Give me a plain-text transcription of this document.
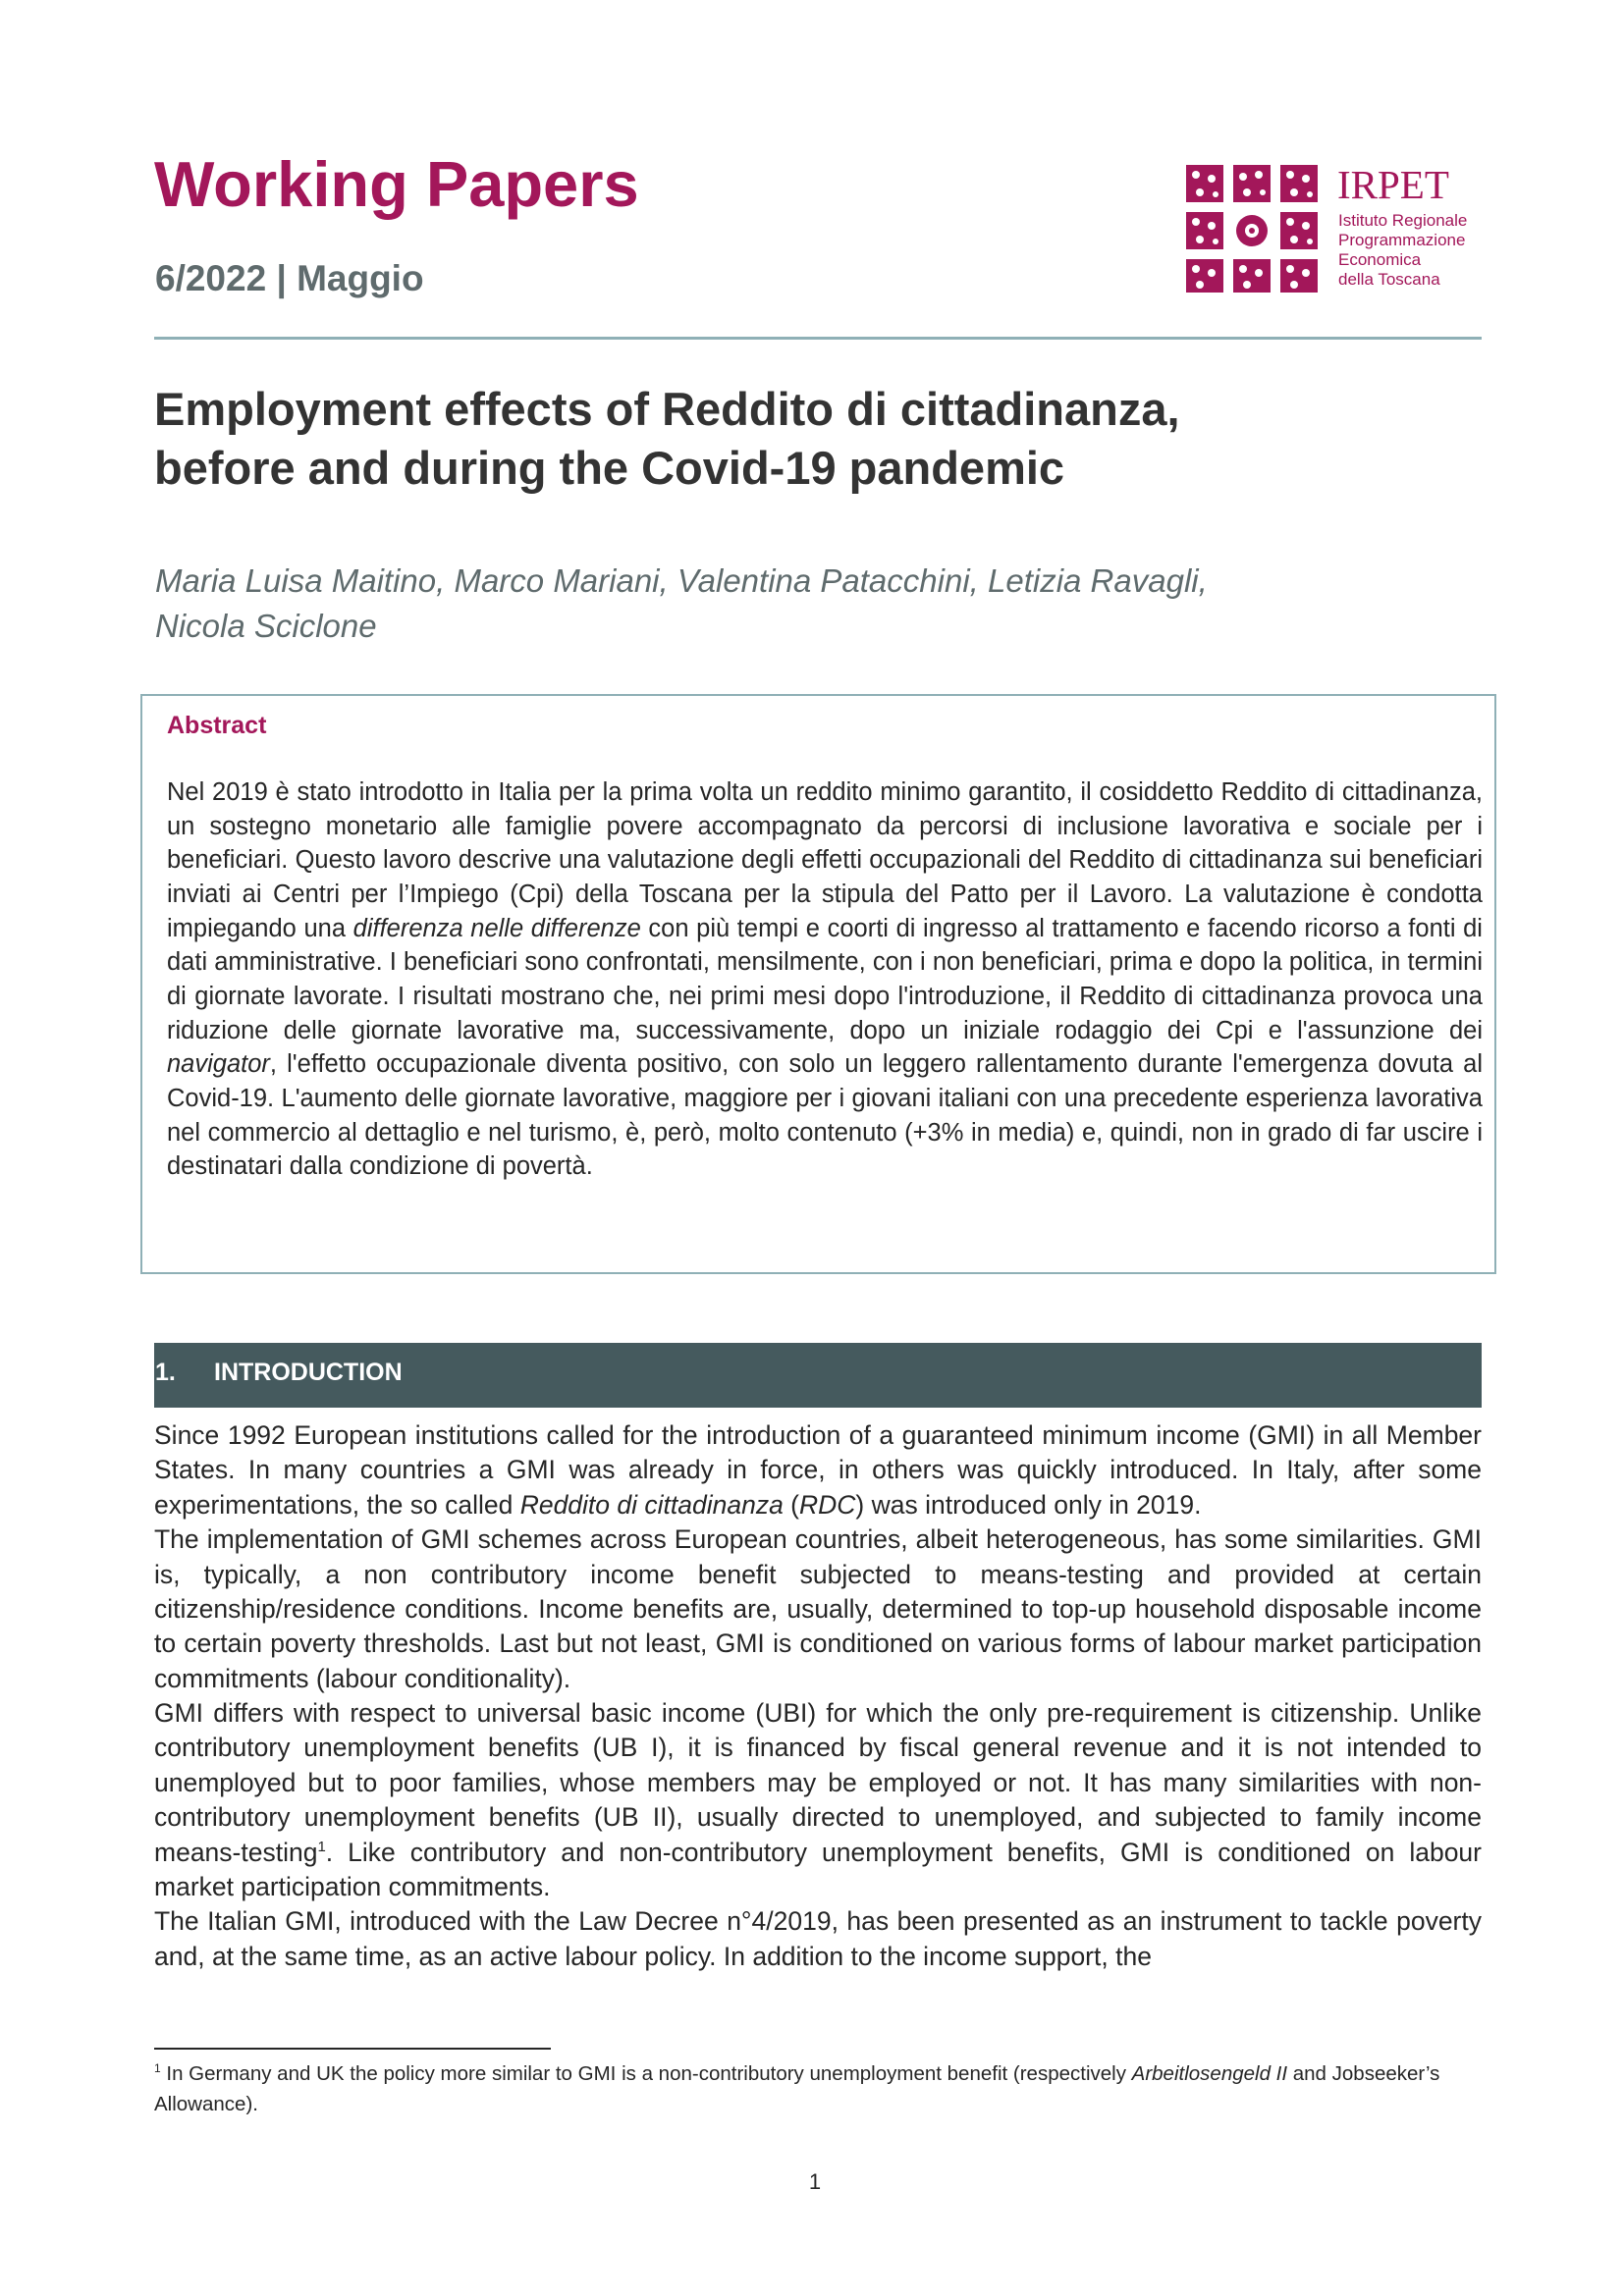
Working Papers
6/2022 | Maggio
IRPET
Istituto Regionale
Programmazione
Economica
della Toscana
Employment effects of Reddito di cittadinanza,
before and during the Covid-19 pandemic
Maria Luisa Maitino, Marco Mariani, Valentina Patacchini, Letizia Ravagli,
Nicola Sciclone
Abstract

Nel 2019 è stato introdotto in Italia per la prima volta un reddito minimo garantito, il cosiddetto Reddito di cittadinanza, un sostegno monetario alle famiglie povere accompagnato da percorsi di inclusione lavorativa e sociale per i beneficiari. Questo lavoro descrive una valutazione degli effetti occupazionali del Reddito di cittadinanza sui beneficiari inviati ai Centri per l’Impiego (Cpi) della Toscana per la stipula del Patto per il Lavoro. La valutazione è condotta impiegando una differenza nelle differenze con più tempi e coorti di ingresso al trattamento e facendo ricorso a fonti di dati amministrative. I beneficiari sono confrontati, mensilmente, con i non beneficiari, prima e dopo la politica, in termini di giornate lavorate. I risultati mostrano che, nei primi mesi dopo l'introduzione, il Reddito di cittadinanza provoca una riduzione delle giornate lavorative ma, successivamente, dopo un iniziale rodaggio dei Cpi e l'assunzione dei navigator, l'effetto occupazionale diventa positivo, con solo un leggero rallentamento durante l'emergenza dovuta al Covid-19. L'aumento delle giornate lavorative, maggiore per i giovani italiani con una precedente esperienza lavorativa nel commercio al dettaglio e nel turismo, è, però, molto contenuto (+3% in media) e, quindi, non in grado di far uscire i destinatari dalla condizione di povertà.

1. INTRODUCTION

Since 1992 European institutions called for the introduction of a guaranteed minimum income (GMI) in all Member States. In many countries a GMI was already in force, in others was quickly introduced. In Italy, after some experimentations, the so called Reddito di cittadinanza (RDC) was introduced only in 2019.

The implementation of GMI schemes across European countries, albeit heterogeneous, has some similarities. GMI is, typically, a non contributory income benefit subjected to means-testing and provided at certain citizenship/residence conditions. Income benefits are, usually, determined to top-up household disposable income to certain poverty thresholds. Last but not least, GMI is conditioned on various forms of labour market participation commitments (labour conditionality).

GMI differs with respect to universal basic income (UBI) for which the only pre-requirement is citizenship. Unlike contributory unemployment benefits (UB I), it is financed by fiscal general revenue and it is not intended to unemployed but to poor families, whose members may be employed or not. It has many similarities with non-contributory unemployment benefits (UB II), usually directed to unemployed, and subjected to family income means-testing$^1$. Like contributory and non-contributory unemployment benefits, GMI is conditioned on labour market participation commitments.

The Italian GMI, introduced with the Law Decree n°4/2019, has been presented as an instrument to tackle poverty and, at the same time, as an active labour policy. In addition to the income support, the

$^1$ In Germany and UK the policy more similar to GMI is a non-contributory unemployment benefit (respectively Arbeitlosengeld II and Jobseeker’s Allowance).
1
